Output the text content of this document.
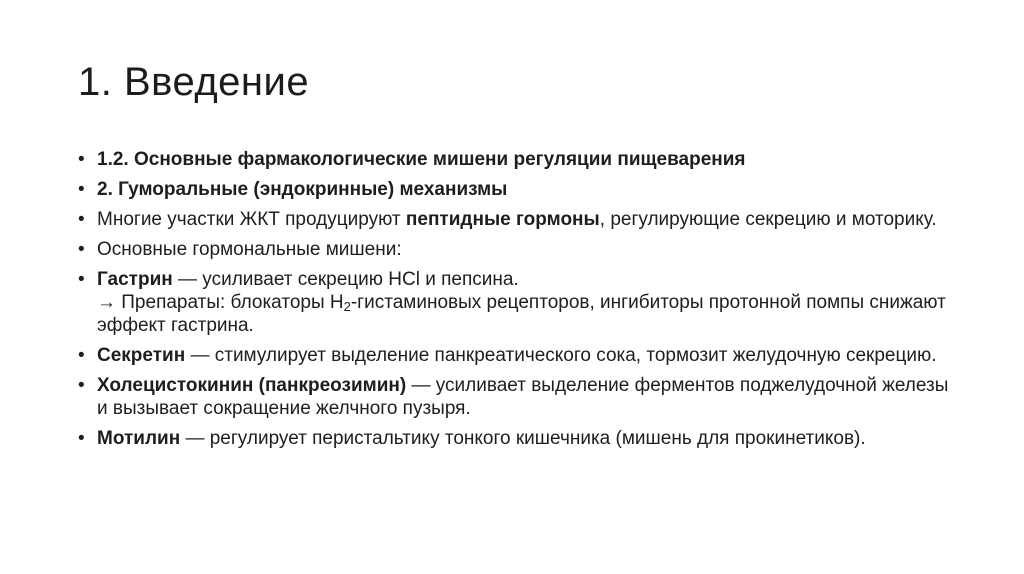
1. Введение
• 1.2. Основные фармакологические мишени регуляции пищеварения
• 2. Гуморальные (эндокринные) механизмы
• Многие участки ЖКТ продуцируют пептидные гормоны, регулирующие секрецию и моторику.
• Основные гормональные мишени:
• Гастрин — усиливает секрецию HCl и пепсина.
→ Препараты: блокаторы $H_2$-гистаминовых рецепторов, ингибиторы протонной помпы снижают эффект гастрина.
• Секретин — стимулирует выделение панкреатического сока, тормозит желудочную секрецию.
• Холецистокинин (панкреозимин) — усиливает выделение ферментов поджелудочной железы и вызывает сокращение желчного пузыря.
• Мотилин — регулирует перистальтику тонкого кишечника (мишень для прокинетиков).
